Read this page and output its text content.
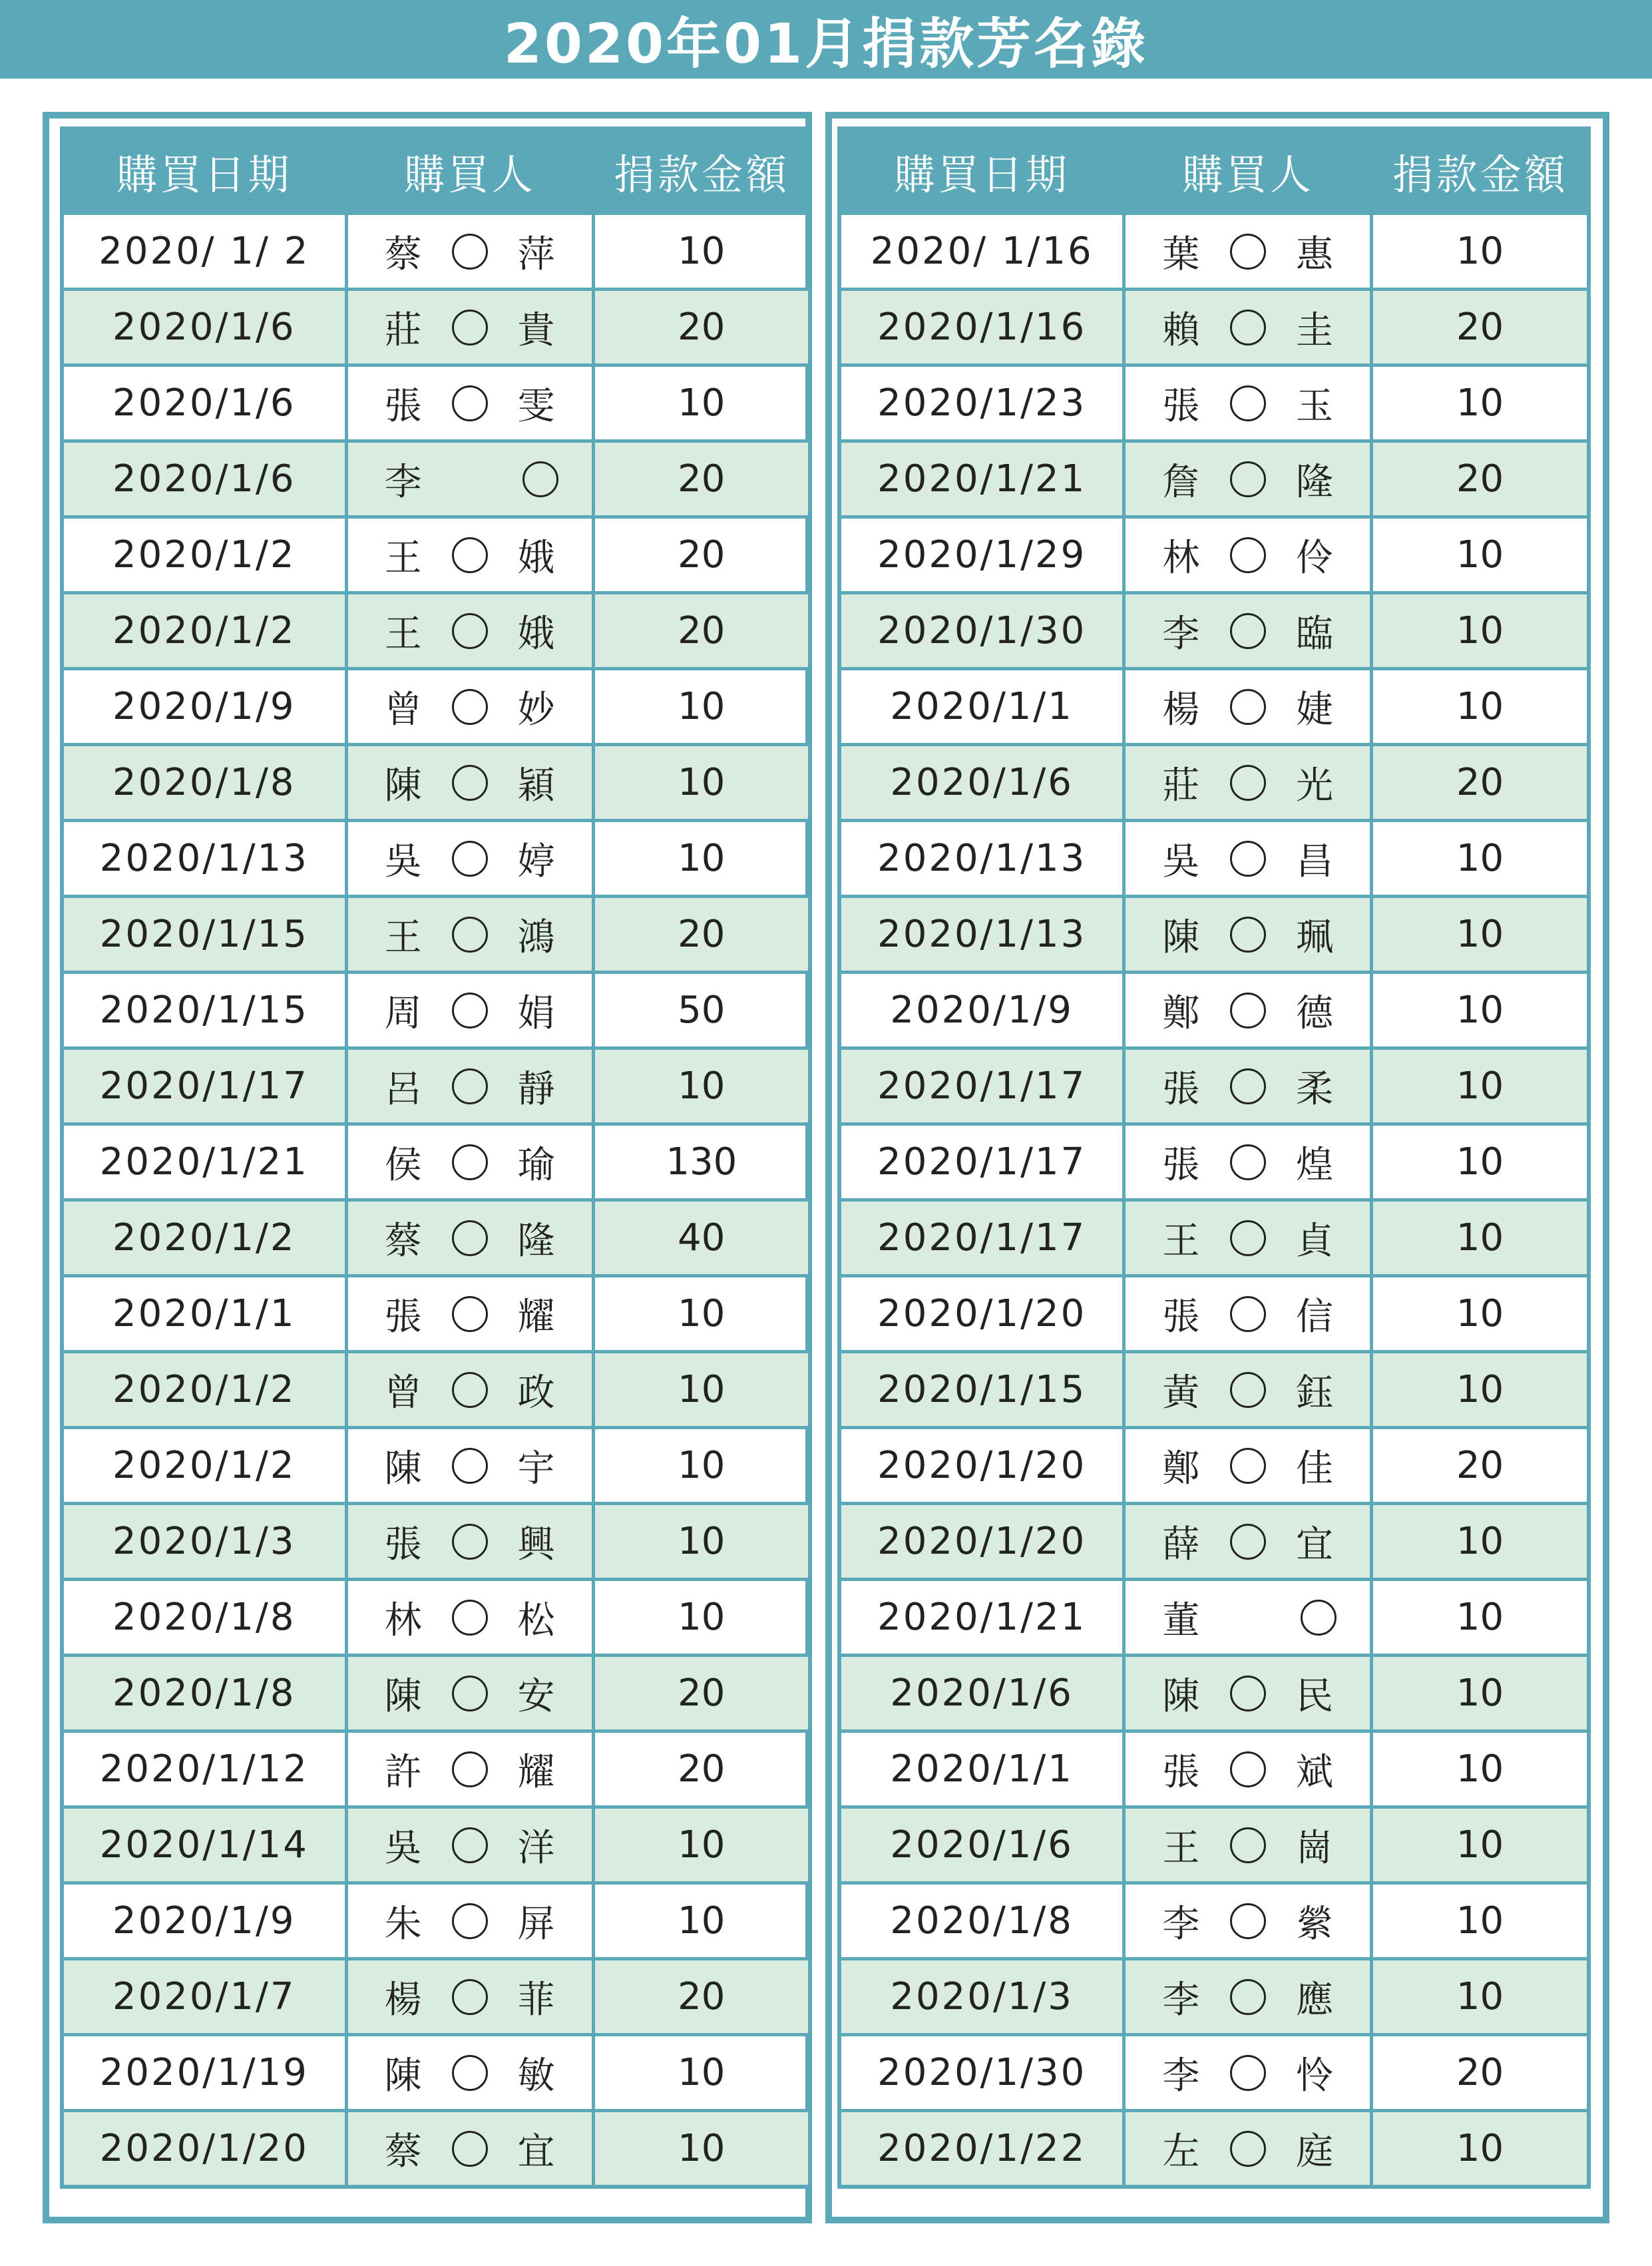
2020年01月捐款芳名錄
購買日期	購買人	捐款金額
2020/ 1/ 2	蔡 萍	10
2020/1/6	莊 貴	20
2020/1/6	張 雯	10
2020/1/6	李	20
2020/1/2	王 娥	20
2020/1/2	王 娥	20
2020/1/9	曾 妙	10
2020/1/8	陳 穎	10
2020/1/13	吳 婷	10
2020/1/15	王 鴻	20
2020/1/15	周 娟	50
2020/1/17	呂 靜	10
2020/1/21	侯 瑜	130
2020/1/2	蔡 隆	40
2020/1/1	張 耀	10
2020/1/2	曾 政	10
2020/1/2	陳 宇	10
2020/1/3	張 興	10
2020/1/8	林 松	10
2020/1/8	陳 安	20
2020/1/12	許 耀	20
2020/1/14	吳 洋	10
2020/1/9	朱 屏	10
2020/1/7	楊 菲	20
2020/1/19	陳 敏	10
2020/1/20	蔡 宜	10
購買日期	購買人	捐款金額
2020/ 1/16	葉 惠	10
2020/1/16	賴 圭	20
2020/1/23	張 玉	10
2020/1/21	詹 隆	20
2020/1/29	林 伶	10
2020/1/30	李 臨	10
2020/1/1	楊 婕	10
2020/1/6	莊 光	20
2020/1/13	吳 昌	10
2020/1/13	陳 珮	10
2020/1/9	鄭 德	10
2020/1/17	張 柔	10
2020/1/17	張 煌	10
2020/1/17	王 貞	10
2020/1/20	張 信	10
2020/1/15	黃 鈺	10
2020/1/20	鄭 佳	20
2020/1/20	薛 宜	10
2020/1/21	董	10
2020/1/6	陳 民	10
2020/1/1	張 斌	10
2020/1/6	王 崗	10
2020/1/8	李 縈	10
2020/1/3	李 應	10
2020/1/30	李 怜	20
2020/1/22	左 庭	10
